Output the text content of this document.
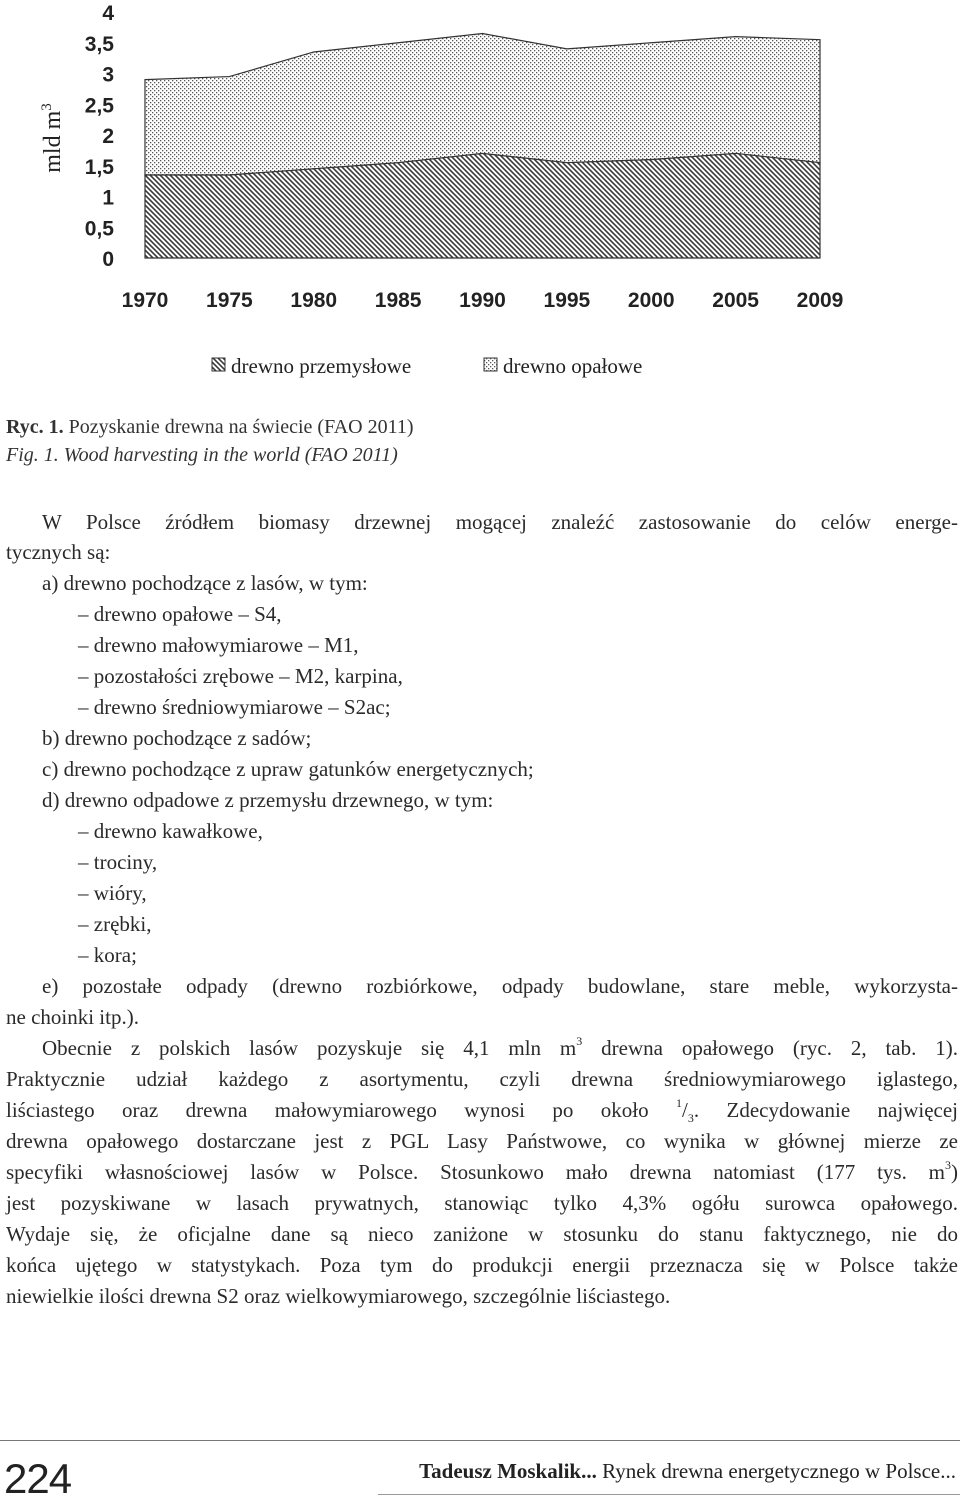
0
0,5
1
1,5
2
2,5
3
3,5
4
1970 1975 1980 1985 1990 1995 2000 2005 2009
mld $m^3$
drewno przemysłowe	drewno opałowe
Ryc. 1. Pozyskanie drewna na świecie (FAO 2011)
Fig. 1. Wood harvesting in the world (FAO 2011)
W Polsce źródłem biomasy drzewnej mogącej znaleźć zastosowanie do celów energe-
tycznych są:
a) drewno pochodzące z lasów, w tym:
– drewno opałowe – S4,
– drewno małowymiarowe – M1,
– pozostałości zrębowe – M2, karpina,
– drewno średniowymiarowe – S2ac;
b) drewno pochodzące z sadów;
c) drewno pochodzące z upraw gatunków energetycznych;
d) drewno odpadowe z przemysłu drzewnego, w tym:
– drewno kawałkowe,
– trociny,
– wióry,
– zrębki,
– kora;
e) pozostałe odpady (drewno rozbiórkowe, odpady budowlane, stare meble, wykorzysta-
ne choinki itp.).
Obecnie z polskich lasów pozyskuje się 4,1 mln $m^3$ drewna opałowego (ryc. 2, tab. 1).
Praktycznie udział każdego z asortymentu, czyli drewna średniowymiarowego iglastego,
liściastego oraz drewna małowymiarowego wynosi po około $^1/_3$. Zdecydowanie najwięcej
drewna opałowego dostarczane jest z PGL Lasy Państwowe, co wynika w głównej mierze ze
specyfiki własnościowej lasów w Polsce. Stosunkowo mało drewna natomiast (177 tys. $m^3$)
jest pozyskiwane w lasach prywatnych, stanowiąc tylko 4,3% ogółu surowca opałowego.
Wydaje się, że oficjalne dane są nieco zaniżone w stosunku do stanu faktycznego, nie do
końca ujętego w statystykach. Poza tym do produkcji energii przeznacza się w Polsce także
niewielkie ilości drewna S2 oraz wielkowymiarowego, szczególnie liściastego.
224	Tadeusz Moskalik... Rynek drewna energetycznego w Polsce...
